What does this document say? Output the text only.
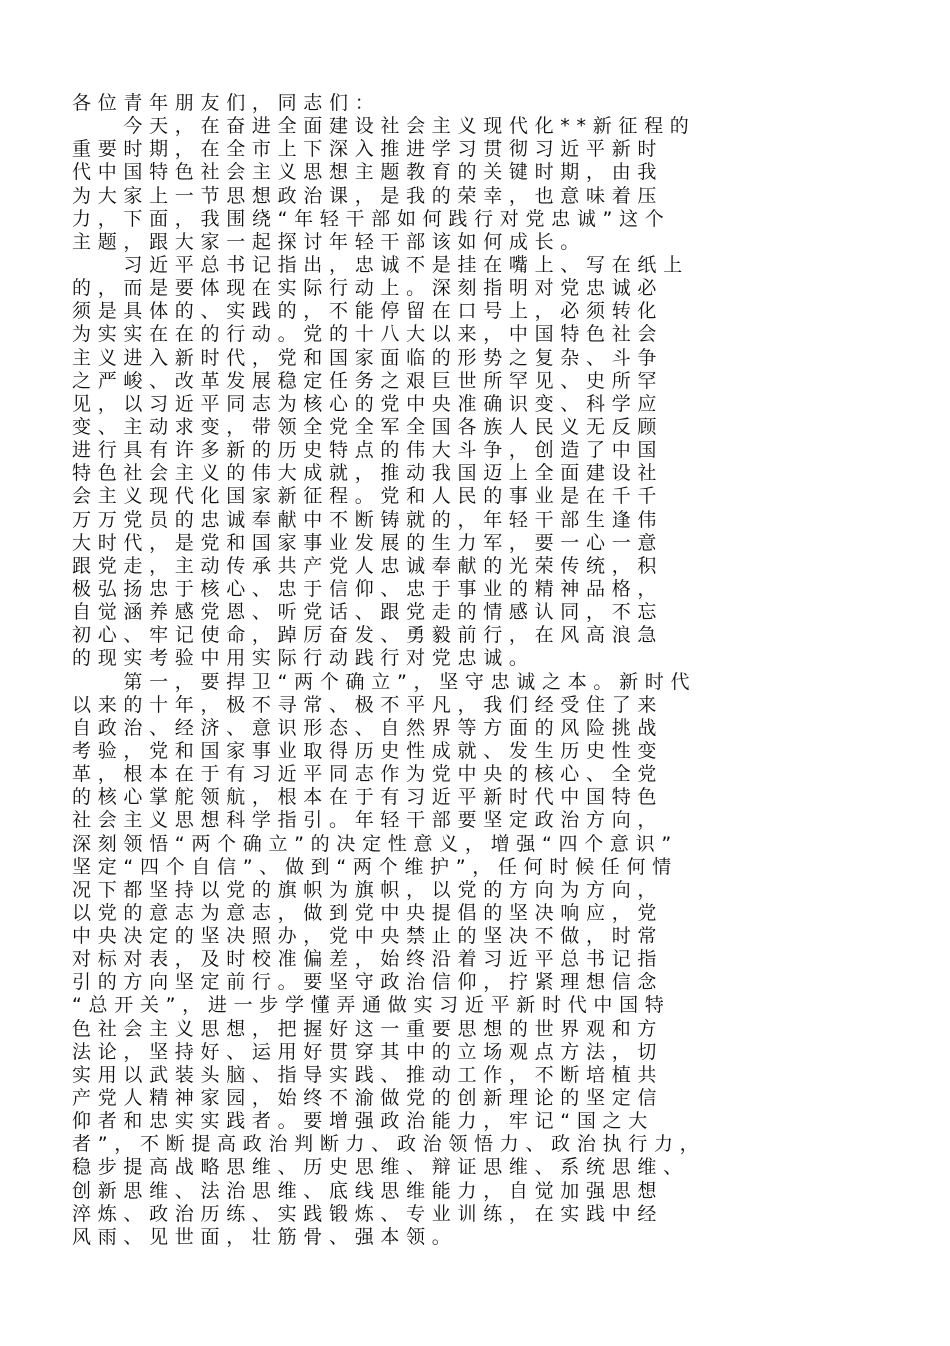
各位青年朋友们，同志们：
　　今天，在奋进全面建设社会主义现代化**新征程的
重要时期，在全市上下深入推进学习贯彻习近平新时
代中国特色社会主义思想主题教育的关键时期，由我
为大家上一节思想政治课，是我的荣幸，也意味着压
力，下面，我围绕“年轻干部如何践行对党忠诚”这个
主题，跟大家一起探讨年轻干部该如何成长。
　　习近平总书记指出，忠诚不是挂在嘴上、写在纸上
的，而是要体现在实际行动上。深刻指明对党忠诚必
须是具体的、实践的，不能停留在口号上，必须转化
为实实在在的行动。党的十八大以来，中国特色社会
主义进入新时代，党和国家面临的形势之复杂、斗争
之严峻、改革发展稳定任务之艰巨世所罕见、史所罕
见，以习近平同志为核心的党中央准确识变、科学应
变、主动求变，带领全党全军全国各族人民义无反顾
进行具有许多新的历史特点的伟大斗争，创造了中国
特色社会主义的伟大成就，推动我国迈上全面建设社
会主义现代化国家新征程。党和人民的事业是在千千
万万党员的忠诚奉献中不断铸就的，年轻干部生逢伟
大时代，是党和国家事业发展的生力军，要一心一意
跟党走，主动传承共产党人忠诚奉献的光荣传统，积
极弘扬忠于核心、忠于信仰、忠于事业的精神品格，
自觉涵养感党恩、听党话、跟党走的情感认同，不忘
初心、牢记使命，踔厉奋发、勇毅前行，在风高浪急
的现实考验中用实际行动践行对党忠诚。
　　第一，要捍卫“两个确立”，坚守忠诚之本。新时代
以来的十年，极不寻常、极不平凡，我们经受住了来
自政治、经济、意识形态、自然界等方面的风险挑战
考验，党和国家事业取得历史性成就、发生历史性变
革，根本在于有习近平同志作为党中央的核心、全党
的核心掌舵领航，根本在于有习近平新时代中国特色
社会主义思想科学指引。年轻干部要坚定政治方向，
深刻领悟“两个确立”的决定性意义，增强“四个意识”
坚定“四个自信”、做到“两个维护”，任何时候任何情
况下都坚持以党的旗帜为旗帜，以党的方向为方向，
以党的意志为意志，做到党中央提倡的坚决响应，党
中央决定的坚决照办，党中央禁止的坚决不做，时常
对标对表，及时校准偏差，始终沿着习近平总书记指
引的方向坚定前行。要坚守政治信仰，拧紧理想信念
“总开关”，进一步学懂弄通做实习近平新时代中国特
色社会主义思想，把握好这一重要思想的世界观和方
法论，坚持好、运用好贯穿其中的立场观点方法，切
实用以武装头脑、指导实践、推动工作，不断培植共
产党人精神家园，始终不渝做党的创新理论的坚定信
仰者和忠实实践者。要增强政治能力，牢记“国之大
者”，不断提高政治判断力、政治领悟力、政治执行力，
稳步提高战略思维、历史思维、辩证思维、系统思维、
创新思维、法治思维、底线思维能力，自觉加强思想
淬炼、政治历练、实践锻炼、专业训练，在实践中经
风雨、见世面，壮筋骨、强本领。
